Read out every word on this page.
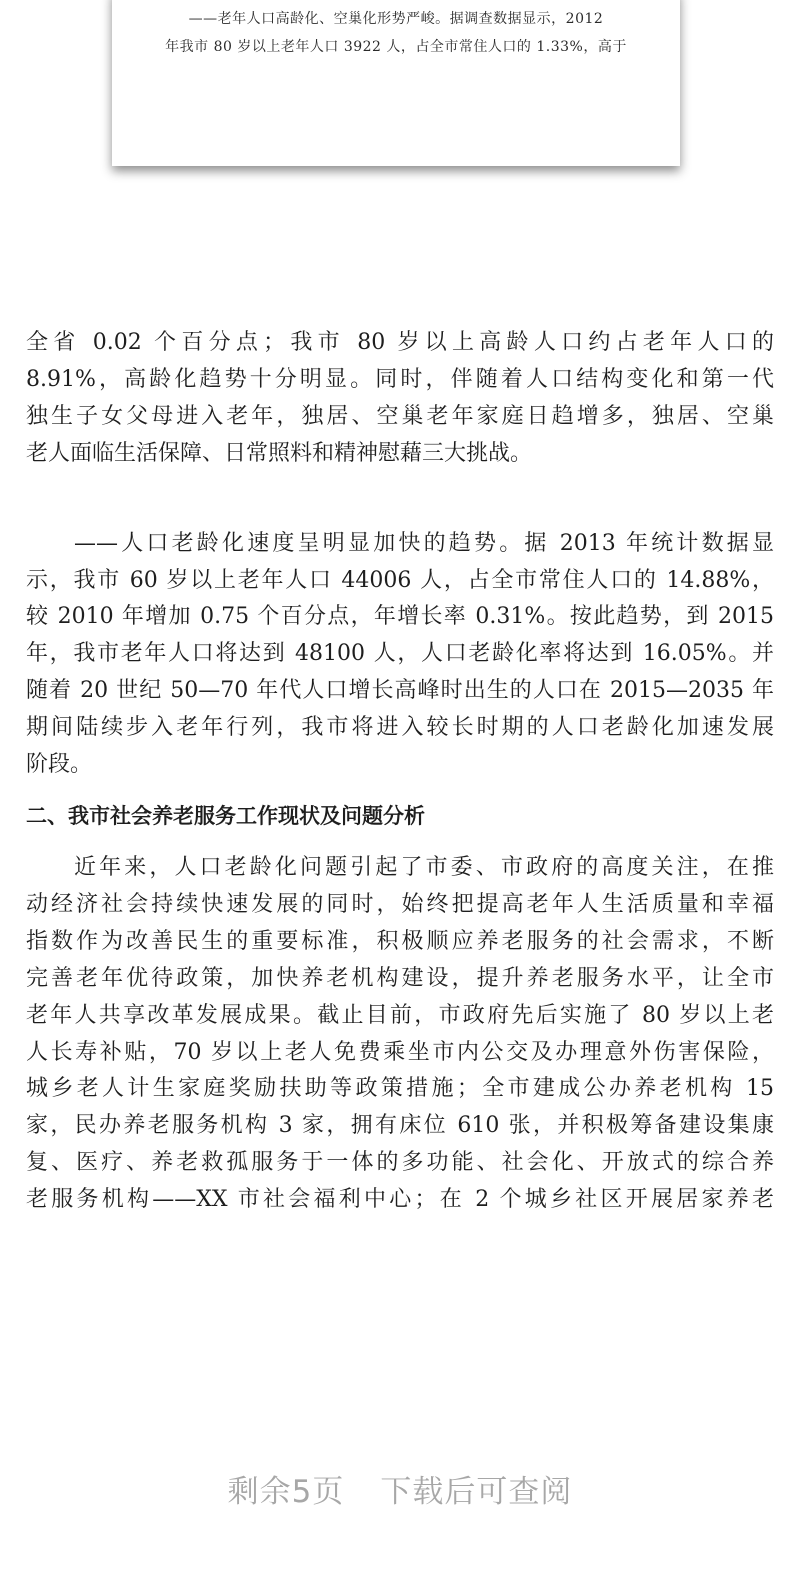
——老年人口高龄化、空巢化形势严峻。据调查数据显示，2012
年我市 80 岁以上老年人口 3922 人，占全市常住人口的 1.33%，高于
全省 0.02 个百分点；我市 80 岁以上高龄人口约占老年人口的
8.91%，高龄化趋势十分明显。同时，伴随着人口结构变化和第一代
独生子女父母进入老年，独居、空巢老年家庭日趋增多，独居、空巢
老人面临生活保障、日常照料和精神慰藉三大挑战。
——人口老龄化速度呈明显加快的趋势。据 2013 年统计数据显
示，我市 60 岁以上老年人口 44006 人，占全市常住人口的 14.88%，
较 2010 年增加 0.75 个百分点，年增长率 0.31%。按此趋势，到 2015
年，我市老年人口将达到 48100 人，人口老龄化率将达到 16.05%。并
随着 20 世纪 50—70 年代人口增长高峰时出生的人口在 2015—2035 年
期间陆续步入老年行列，我市将进入较长时期的人口老龄化加速发展
阶段。
二、我市社会养老服务工作现状及问题分析
近年来，人口老龄化问题引起了市委、市政府的高度关注，在推
动经济社会持续快速发展的同时，始终把提高老年人生活质量和幸福
指数作为改善民生的重要标准，积极顺应养老服务的社会需求，不断
完善老年优待政策，加快养老机构建设，提升养老服务水平，让全市
老年人共享改革发展成果。截止目前，市政府先后实施了 80 岁以上老
人长寿补贴，70 岁以上老人免费乘坐市内公交及办理意外伤害保险，
城乡老人计生家庭奖励扶助等政策措施；全市建成公办养老机构 15
家，民办养老服务机构 3 家，拥有床位 610 张，并积极筹备建设集康
复、医疗、养老救孤服务于一体的多功能、社会化、开放式的综合养
老服务机构——XX 市社会福利中心；在 2 个城乡社区开展居家养老
剩余5页 下载后可查阅
